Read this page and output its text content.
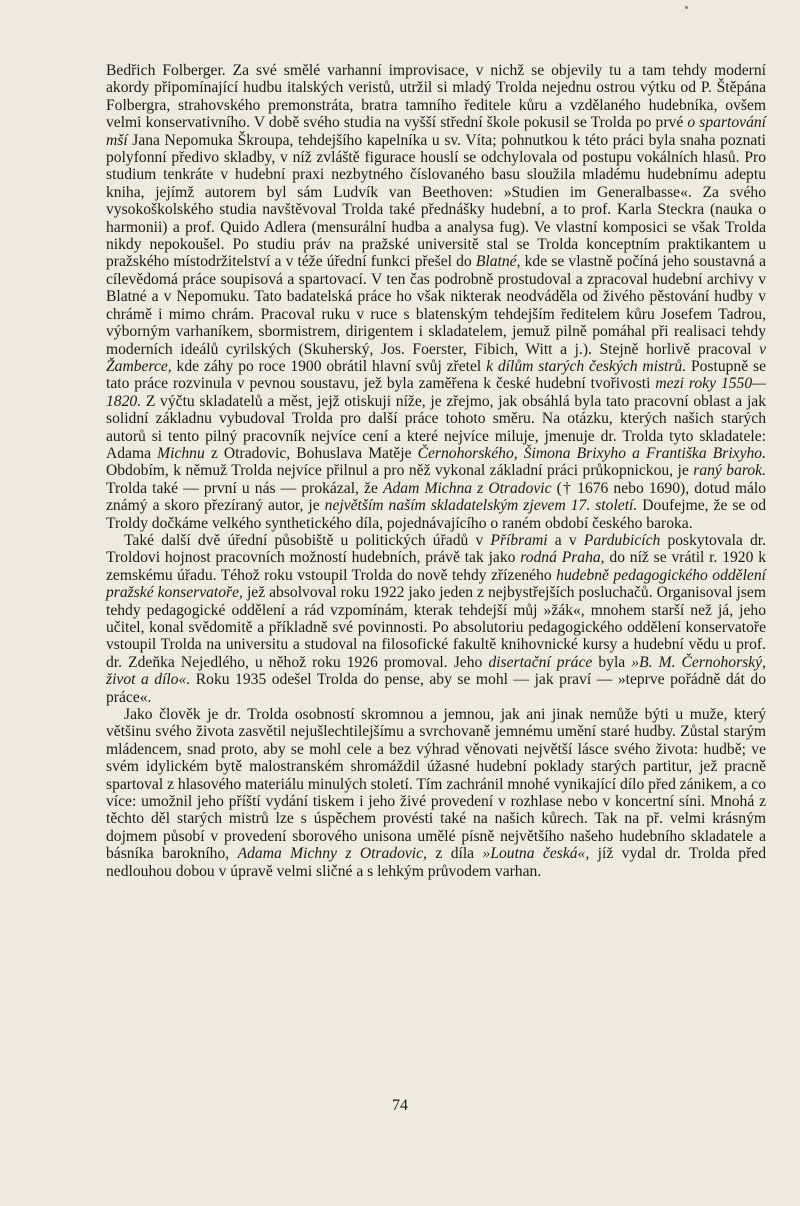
Bedřich Folberger. Za své smělé varhanní improvisace, v nichž se objevily tu a tam tehdy moderní akordy připomínající hudbu italských veristů, utržil si mladý Trolda nejednu ostrou výtku od P. Štěpána Folbergra, strahovského premonstráta, bratra tamního ředitele kůru a vzdělaného hudebníka, ovšem velmi konservativního. V době svého studia na vyšší střední škole pokusil se Trolda po prvé o spartování mší Jana Nepomuka Škroupa, tehdejšího kapelníka u sv. Víta; pohnutkou k této práci byla snaha poznati polyfonní předivo skladby, v níž zvláště figurace houslí se odchylovala od postupu vokálních hlasů. Pro studium tenkráte v hudební praxi nezbytného číslovaného basu sloužila mladému hudebnímu adeptu kniha, jejímž autorem byl sám Ludvík van Beethoven: »Studien im Generalbasse«. Za svého vysokoškolského studia navštěvoval Trolda také přednášky hudební, a to prof. Karla Steckra (nauka o harmonii) a prof. Quido Adlera (mensurální hudba a analysa fug). Ve vlastní komposici se však Trolda nikdy nepokoušel. Po studiu práv na pražské universitě stal se Trolda konceptním praktikantem u pražského místodržitelství a v téže úřední funkci přešel do Blatné, kde se vlastně počíná jeho soustavná a cílevědomá práce soupisová a spartovací. V ten čas podrobně prostudoval a zpracoval hudební archivy v Blatné a v Nepomuku. Tato badatelská práce ho však nikterak neodváděla od živého pěstování hudby v chrámě i mimo chrám. Pracoval ruku v ruce s blatenským tehdejším ředitelem kůru Josefem Tadrou, výborným varhaníkem, sbormistrem, dirigentem i skladatelem, jemuž pilně pomáhal při realisaci tehdy moderních ideálů cyrilských (Skuherský, Jos. Foerster, Fibich, Witt a j.). Stejně horlivě pracoval v Žamberce, kde záhy po roce 1900 obrátil hlavní svůj zřetel k dílům starých českých mistrů. Postupně se tato práce rozvinula v pevnou soustavu, jež byla zaměřena k české hudební tvořivosti mezi roky 1550—1820. Z výčtu skladatelů a měst, jejž otiskuji níže, je zřejmo, jak obsáhlá byla tato pracovní oblast a jak solidní základnu vybudoval Trolda pro další práce tohoto směru. Na otázku, kterých našich starých autorů si tento pilný pracovník nejvíce cení a které nejvíce miluje, jmenuje dr. Trolda tyto skladatele: Adama Michnu z Otradovic, Bohuslava Matěje Černohorského, Šimona Brixyho a Františka Brixyho. Obdobím, k němuž Trolda nejvíce přilnul a pro něž vykonal základní práci průkopnickou, je raný barok. Trolda také — první u nás — prokázal, že Adam Michna z Otradovic († 1676 nebo 1690), dotud málo známý a skoro přezíraný autor, je největším naším skladatelským zjevem 17. století. Doufejme, že se od Troldy dočkáme velkého synthetického díla, pojednávajícího o raném období českého baroka.

Také další dvě úřední působiště u politických úřadů v Příbrami a v Pardubicích poskytovala dr. Troldovi hojnost pracovních možností hudebních, právě tak jako rodná Praha, do níž se vrátil r. 1920 k zemskému úřadu. Téhož roku vstoupil Trolda do nově tehdy zřízeného hudebně pedagogického oddělení pražské konservatoře, jež absolvoval roku 1922 jako jeden z nejbystřejších posluchačů. Organisoval jsem tehdy pedagogické oddělení a rád vzpomínám, kterak tehdejší můj »žák«, mnohem starší než já, jeho učitel, konal svědomitě a příkladně své povinnosti. Po absolutoriu pedagogického oddělení konservatoře vstoupil Trolda na universitu a studoval na filosofické fakultě knihovnické kursy a hudební vědu u prof. dr. Zdeňka Nejedlého, u něhož roku 1926 promoval. Jeho disertační práce byla »B. M. Černohorský, život a dílo«. Roku 1935 odešel Trolda do pense, aby se mohl — jak praví — »teprve pořádně dát do práce«.

Jako člověk je dr. Trolda osobností skromnou a jemnou, jak ani jinak nemůže býti u muže, který většinu svého života zasvětil nejušlechtilejšímu a svrchovaně jemnému umění staré hudby. Zůstal starým mládencem, snad proto, aby se mohl cele a bez výhrad věnovati největší lásce svého života: hudbě; ve svém idylickém bytě malostranském shromáždil úžasné hudební poklady starých partitur, jež pracně spartoval z hlasového materiálu minulých století. Tím zachránil mnohé vynikající dílo před zánikem, a co více: umožnil jeho příští vydání tiskem i jeho živé provedení v rozhlase nebo v koncertní síni. Mnohá z těchto děl starých mistrů lze s úspěchem provésti také na našich kůrech. Tak na př. velmi krásným dojmem působí v provedení sborového unisona umělé písně největšího našeho hudebního skladatele a básníka barokního, Adama Michny z Otradovic, z díla »Loutna česká«, jíž vydal dr. Trolda před nedlouhou dobou v úpravě velmi sličné a s lehkým průvodem varhan.

74
